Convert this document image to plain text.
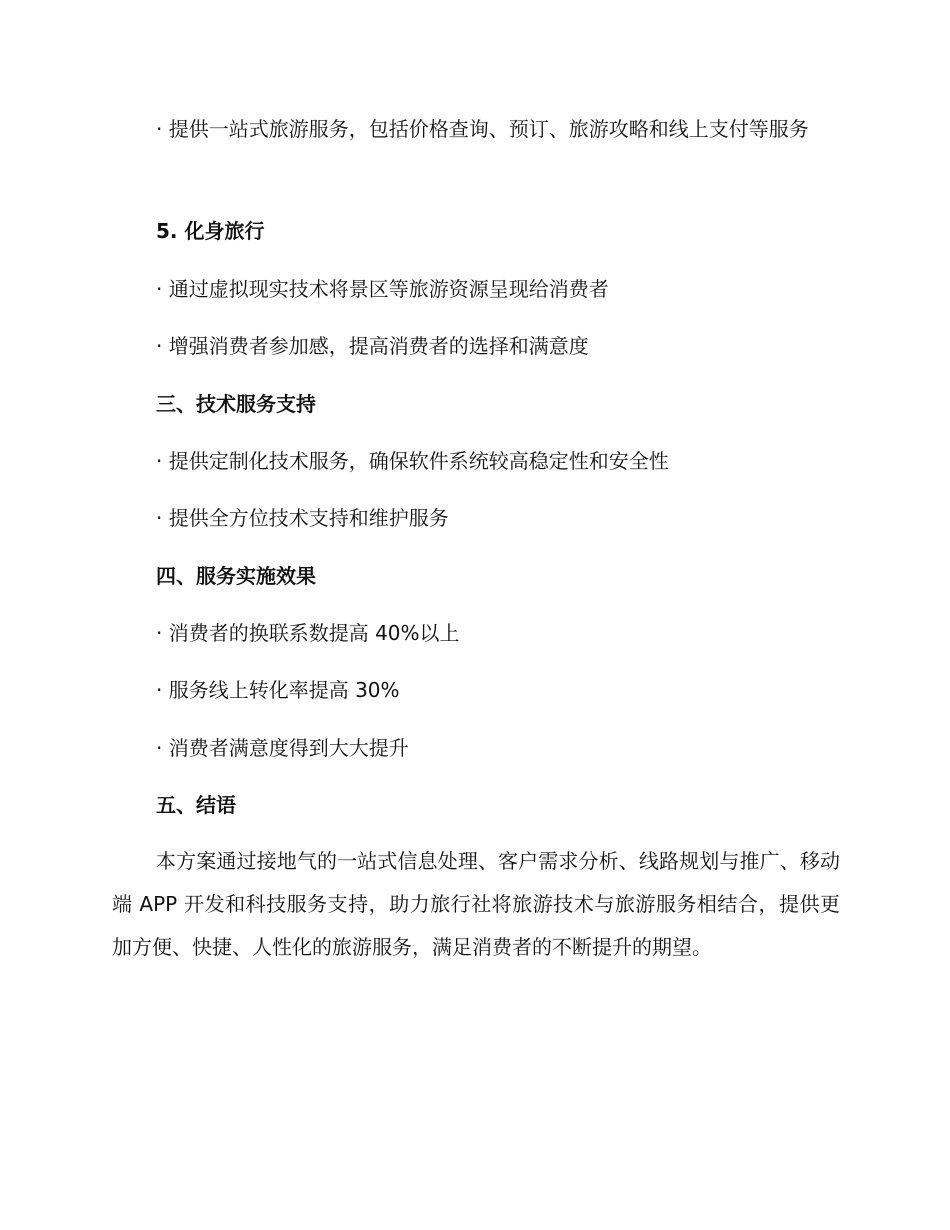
· 提供一站式旅游服务，包括价格查询、预订、旅游攻略和线上支付等服务
5. 化身旅行
· 通过虚拟现实技术将景区等旅游资源呈现给消费者
· 增强消费者参加感，提高消费者的选择和满意度
三、技术服务支持
· 提供定制化技术服务，确保软件系统较高稳定性和安全性
· 提供全方位技术支持和维护服务
四、服务实施效果
· 消费者的换联系数提高 40%以上
· 服务线上转化率提高 30%
· 消费者满意度得到大大提升
五、结语
本方案通过接地气的一站式信息处理、客户需求分析、线路规划与推广、移动端 APP 开发和科技服务支持，助力旅行社将旅游技术与旅游服务相结合，提供更加方便、快捷、人性化的旅游服务，满足消费者的不断提升的期望。
